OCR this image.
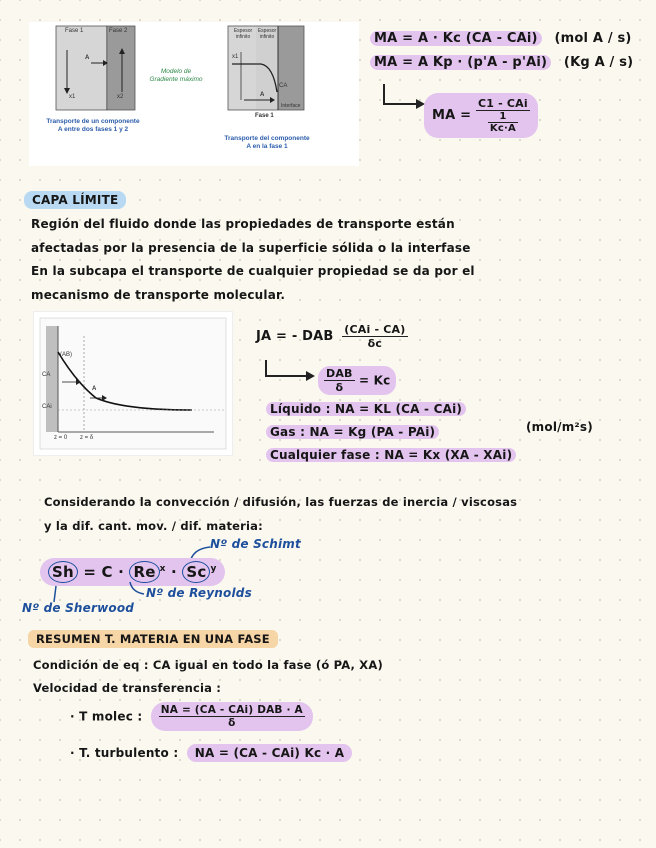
Fase 1	Fase 2
A
x1	x2
Modelo de
Gradiente máximo
Transporte de un componente
A entre dos fases 1 y 2
Espesor
infinito
Espesor
infinito
x1
CA
Interface
A
Fase 1
Transporte del componente
A en la fase 1
MA = A · Kc (CA - CAi) (mol A / s)
MA = A Kp · (p'A - p'Ai) (Kg A / s)
MA = $\frac{\text{C1 - CAi}}{\frac{1}{Kc\cdot A}}$
CAPA LÍMITE
Región del fluido donde las propiedades de transporte están
afectadas por la presencia de la superficie sólida o la interfase
En la subcapa el transporte de cualquier propiedad se da por el
mecanismo de transporte molecular.
CA
CAi
(AB)
A
z = 0 z = δ
JA = - DAB $\frac{\text{(CAi - CA)}}{\delta c}$
$\frac{\text{DAB}}{\delta} = Kc$
Líquido : NA = KL (CA - CAi)
Gas : NA = Kg (PA - PAi)	(mol/m²s)
Cualquier fase : NA = Kx (XA - XAi)
Considerando la convección / difusión, las fuerzas de inercia / viscosas
y la dif. cant. mov. / dif. materia:
Nº de Schimt
Sh = C · Re $^x$ · Sc $^y$
Nº de Reynolds
Nº de Sherwood
RESUMEN T. MATERIA EN UNA FASE
Condición de eq : CA igual en todo la fase (ó PA, XA)
Velocidad de transferencia :
· T molec : $\frac{\text{NA = (CA - CAi) DAB · A}}{\delta}$
· T. turbulento : NA = (CA - CAi) Kc · A
